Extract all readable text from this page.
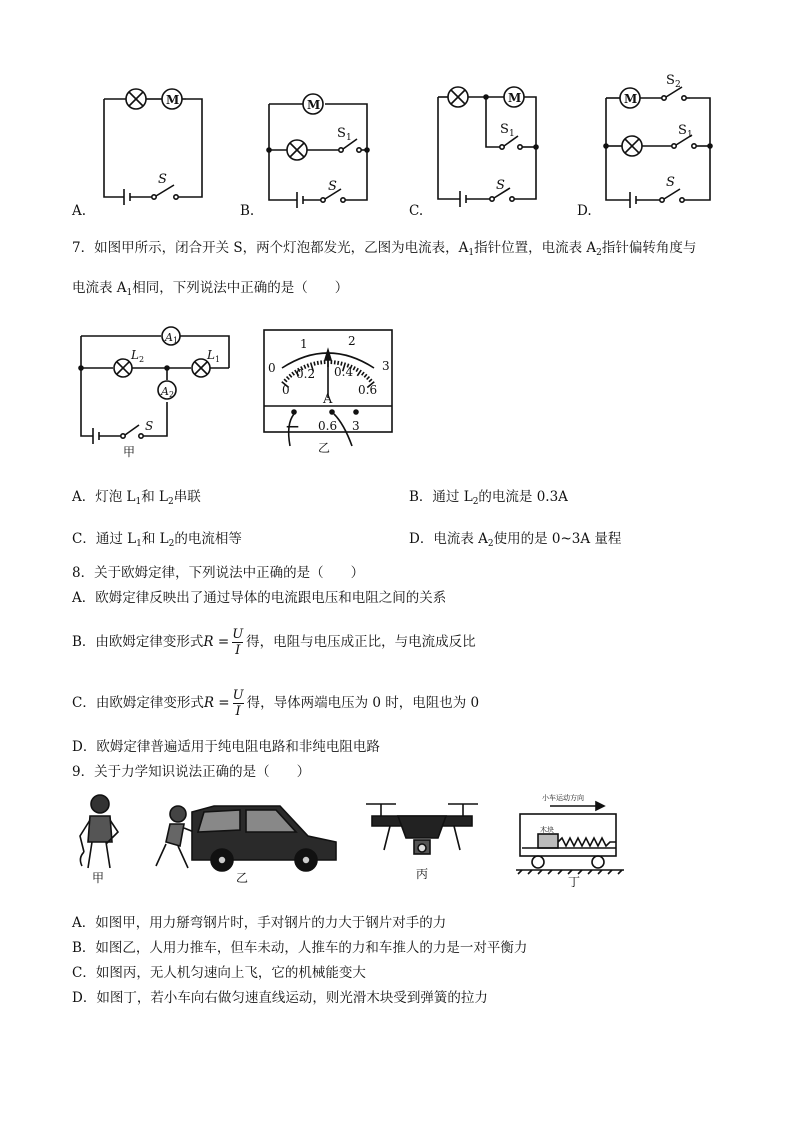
M
S
A.
M
S 1
S
B.
M
S 1
S
C.
M
S 2
S 1
S
D.
7．如图甲所示，闭合开关 S，两个灯泡都发光，乙图为电流表，$A_1$指针位置，电流表 $A_2$指针偏转角度与
电流表 $A_1$相同，下列说法中正确的是（　　）
A 1
A 2
L 2	L 1
S
甲
0
1	2
3
0
0.2 0.4
0.6
A
— 0.6 3
乙
A．灯泡 $L_1$和 $L_2$串联	B．通过 $L_2$的电流是 0.3A
C．通过 $L_1$和 $L_2$的电流相等	D．电流表 $A_2$使用的是 0~3A 量程
8．关于欧姆定律，下列说法中正确的是（　　）
A．欧姆定律反映出了通过导体的电流跟电压和电阻之间的关系
B．由欧姆定律变形式$R = \frac{U}{I}$ 得，电阻与电压成正比，与电流成反比
C．由欧姆定律变形式$R = \frac{U}{I}$ 得，导体两端电压为 0 时，电阻也为 0
D．欧姆定律普遍适用于纯电阻电路和非纯电阻电路
9．关于力学知识说法正确的是（　　）
甲	乙	丙
小车运动方向
木块
丁
A．如图甲，用力掰弯钢片时，手对钢片的力大于钢片对手的力
B．如图乙，人用力推车，但车未动，人推车的力和车推人的力是一对平衡力
C．如图丙，无人机匀速向上飞，它的机械能变大
D．如图丁，若小车向右做匀速直线运动，则光滑木块受到弹簧的拉力
